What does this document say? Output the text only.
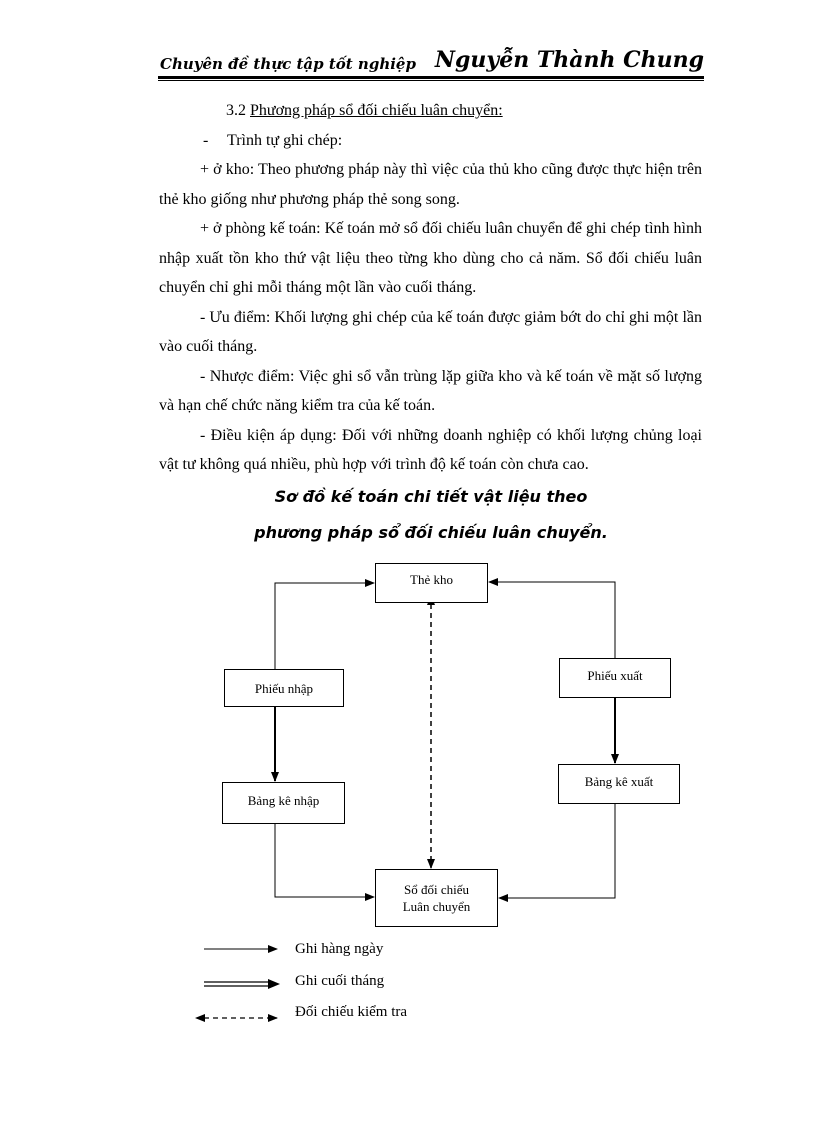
Chuyên đề thực tập tốt nghiệp Nguyễn Thành Chung

3.2 Phương pháp sổ đối chiếu luân chuyển:

- Trình tự ghi chép:

+ ở kho: Theo phương pháp này thì việc của thủ kho cũng được thực hiện trên thẻ kho giống như phương pháp thẻ song song.

+ ở phòng kế toán: Kế toán mở sổ đối chiếu luân chuyển để ghi chép tình hình nhập xuất tồn kho thứ vật liệu theo từng kho dùng cho cả năm. Sổ đối chiếu luân chuyển chỉ ghi mỗi tháng một lần vào cuối tháng.

- Ưu điểm: Khối lượng ghi chép của kế toán được giảm bớt do chỉ ghi một lần vào cuối tháng.

- Nhược điểm: Việc ghi sổ vẫn trùng lặp giữa kho và kế toán về mặt số lượng và hạn chế chức năng kiểm tra của kế toán.

- Điều kiện áp dụng: Đối với những doanh nghiệp có khối lượng chủng loại vật tư không quá nhiều, phù hợp với trình độ kế toán còn chưa cao.

Sơ đồ kế toán chi tiết vật liệu theo
phương pháp sổ đối chiếu luân chuyển.
Thẻ kho
Phiếu nhập
Phiếu xuất
Bảng kê nhập
Bảng kê xuất
Sổ đối chiếu
Luân chuyển
Ghi hàng ngày
Ghi cuối tháng
Đối chiếu kiểm tra
